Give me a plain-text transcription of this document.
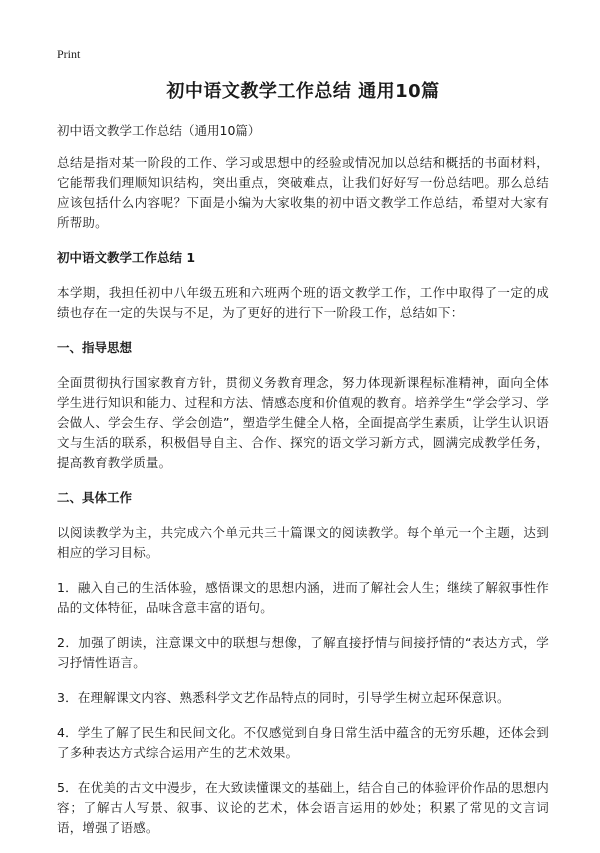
Print
初中语文教学工作总结 通用10篇
初中语文教学工作总结（通用10篇）

总结是指对某一阶段的工作、学习或思想中的经验或情况加以总结和概括的书面材料，它能帮我们理顺知识结构，突出重点，突破难点，让我们好好写一份总结吧。那么总结应该包括什么内容呢？下面是小编为大家收集的初中语文教学工作总结，希望对大家有所帮助。

初中语文教学工作总结 1

本学期，我担任初中八年级五班和六班两个班的语文教学工作，工作中取得了一定的成绩也存在一定的失误与不足，为了更好的进行下一阶段工作，总结如下：

一、指导思想

全面贯彻执行国家教育方针，贯彻义务教育理念，努力体现新课程标准精神，面向全体学生进行知识和能力、过程和方法、情感态度和价值观的教育。培养学生“学会学习、学会做人、学会生存、学会创造”，塑造学生健全人格，全面提高学生素质，让学生认识语文与生活的联系，积极倡导自主、合作、探究的语文学习新方式，圆满完成教学任务，提高教育教学质量。

二、具体工作

以阅读教学为主，共完成六个单元共三十篇课文的阅读教学。每个单元一个主题，达到相应的学习目标。

1．融入自己的生活体验，感悟课文的思想内涵，进而了解社会人生；继续了解叙事性作品的文体特征，品味含意丰富的语句。

2．加强了朗读，注意课文中的联想与想像，了解直接抒情与间接抒情的“表达方式，学习抒情性语言。

3．在理解课文内容、熟悉科学文艺作品特点的同时，引导学生树立起环保意识。

4．学生了解了民生和民间文化。不仅感觉到自身日常生活中蕴含的无穷乐趣，还体会到了多种表达方式综合运用产生的艺术效果。

5．在优美的古文中漫步，在大致读懂课文的基础上，结合自己的体验评价作品的思想内容；了解古人写景、叙事、议论的艺术，体会语言运用的妙处；积累了常见的文言词语，增强了语感。
